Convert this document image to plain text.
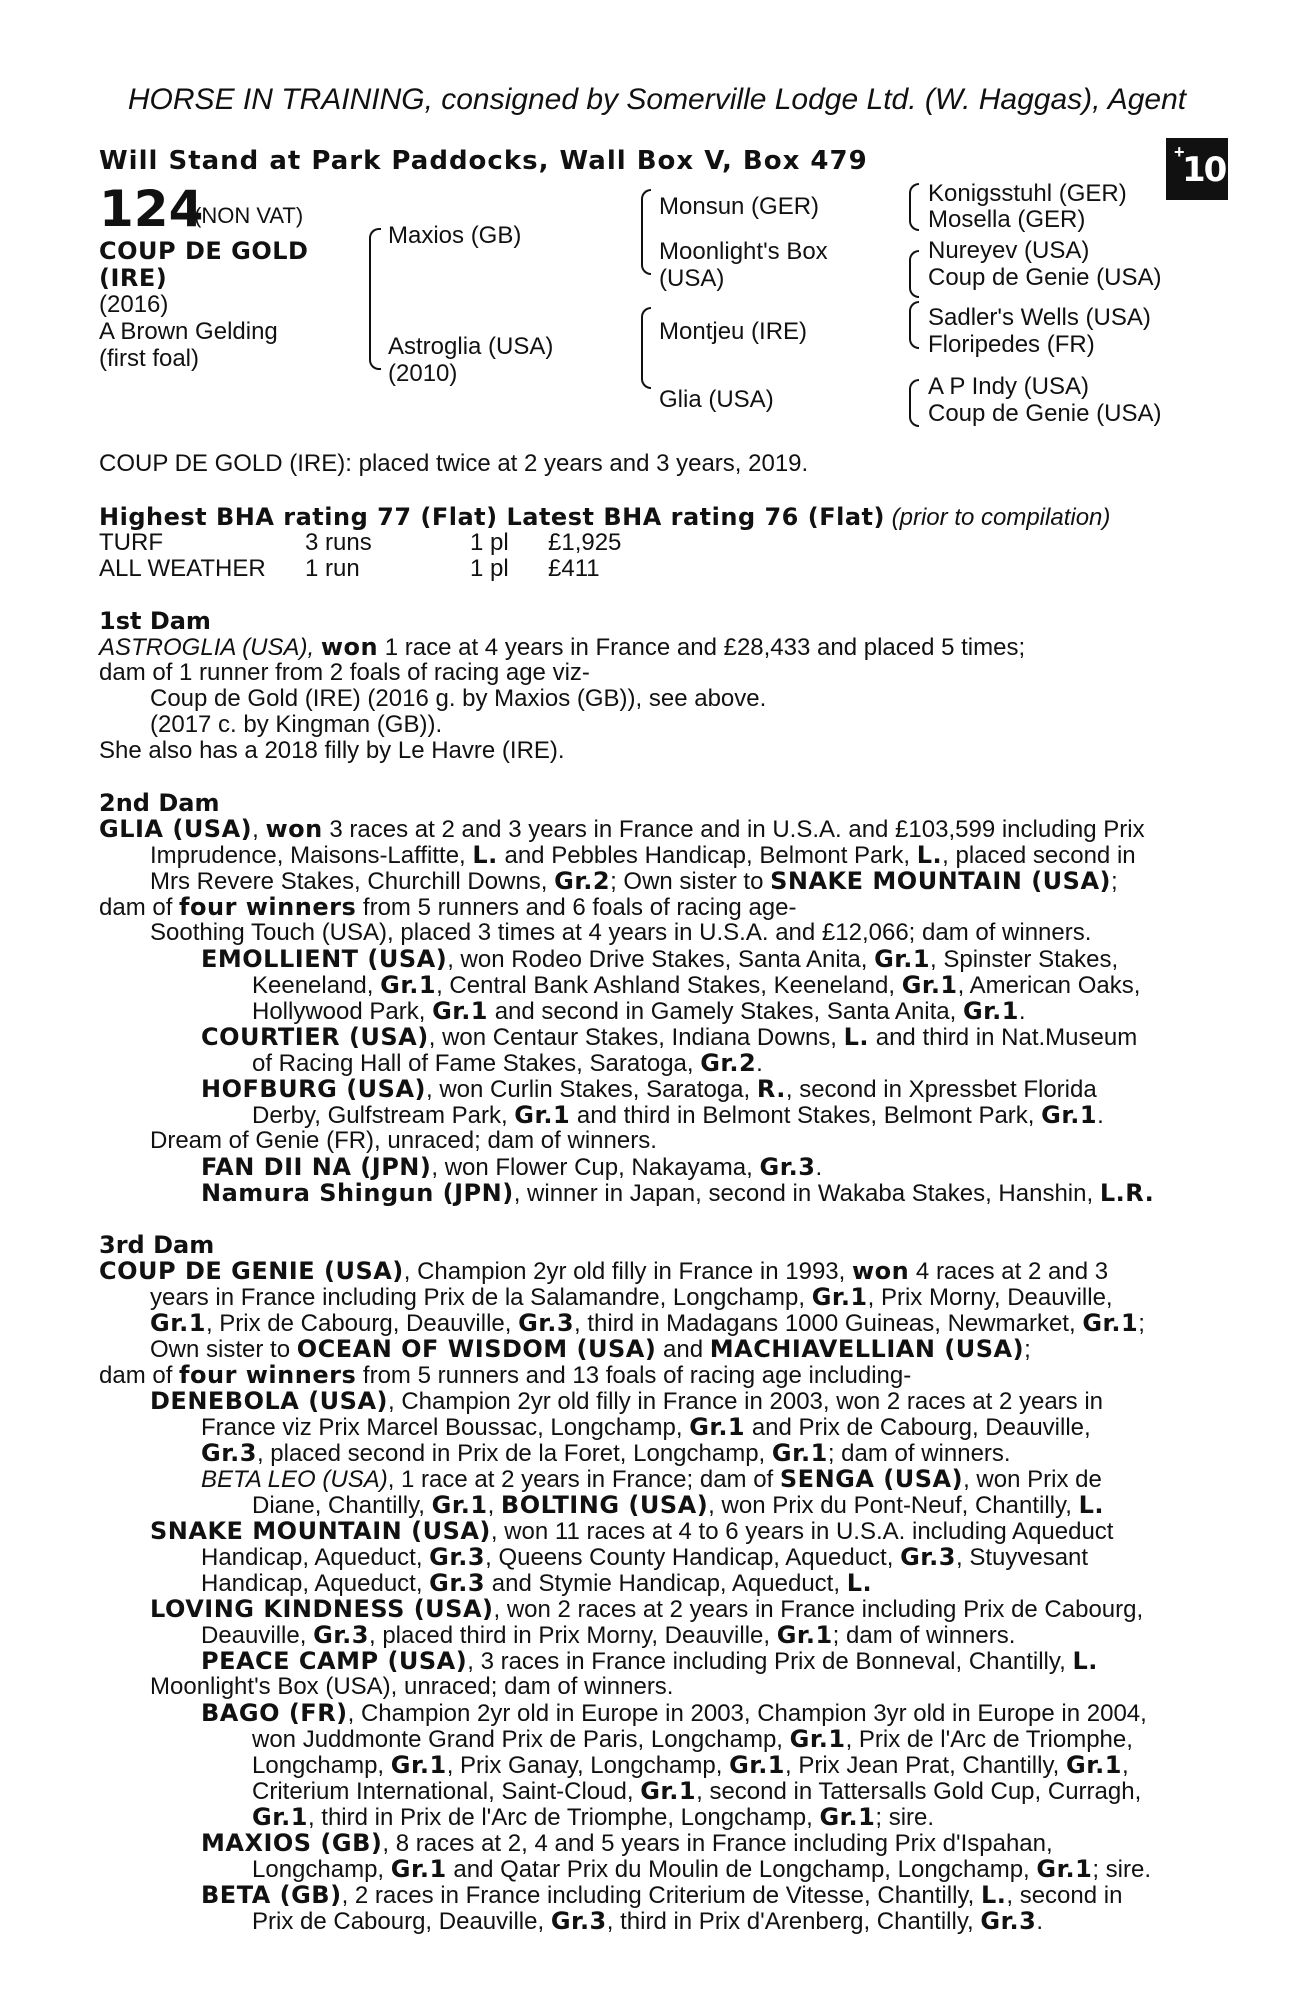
HORSE IN TRAINING, consigned by Somerville Lodge Ltd. (W. Haggas), Agent
Will Stand at Park Paddocks, Wall Box V, Box 479	+
10
124
(NON VAT)
COUP DE GOLD
(IRE)
(2016)
A Brown Gelding
(first foal)
Maxios (GB)
Astroglia (USA)
(2010)
Monsun (GER)
Moonlight's Box
(USA)
Montjeu (IRE)
Glia (USA)
Konigsstuhl (GER)
Mosella (GER)
Nureyev (USA)
Coup de Genie (USA)
Sadler's Wells (USA)
Floripedes (FR)
A P Indy (USA)
Coup de Genie (USA)
COUP DE GOLD (IRE): placed twice at 2 years and 3 years, 2019.
Highest BHA rating 77 (Flat) Latest BHA rating 76 (Flat) (prior to compilation)
TURF	3 runs	1 pl £1,925
ALL WEATHER 1 run	1 pl £411
1st Dam
ASTROGLIA (USA), won 1 race at 4 years in France and £28,433 and placed 5 times;
dam of 1 runner from 2 foals of racing age viz-
Coup de Gold (IRE) (2016 g. by Maxios (GB)), see above.
(2017 c. by Kingman (GB)).
She also has a 2018 filly by Le Havre (IRE).
2nd Dam
GLIA (USA), won 3 races at 2 and 3 years in France and in U.S.A. and £103,599 including Prix
Imprudence, Maisons-Laffitte, L. and Pebbles Handicap, Belmont Park, L., placed second in
Mrs Revere Stakes, Churchill Downs, Gr.2; Own sister to SNAKE MOUNTAIN (USA);
dam of four winners from 5 runners and 6 foals of racing age-
Soothing Touch (USA), placed 3 times at 4 years in U.S.A. and £12,066; dam of winners.
EMOLLIENT (USA), won Rodeo Drive Stakes, Santa Anita, Gr.1, Spinster Stakes,
Keeneland, Gr.1, Central Bank Ashland Stakes, Keeneland, Gr.1, American Oaks,
Hollywood Park, Gr.1 and second in Gamely Stakes, Santa Anita, Gr.1.
COURTIER (USA), won Centaur Stakes, Indiana Downs, L. and third in Nat.Museum
of Racing Hall of Fame Stakes, Saratoga, Gr.2.
HOFBURG (USA), won Curlin Stakes, Saratoga, R., second in Xpressbet Florida
Derby, Gulfstream Park, Gr.1 and third in Belmont Stakes, Belmont Park, Gr.1.
Dream of Genie (FR), unraced; dam of winners.
FAN DII NA (JPN), won Flower Cup, Nakayama, Gr.3.
Namura Shingun (JPN), winner in Japan, second in Wakaba Stakes, Hanshin, L.R.
3rd Dam
COUP DE GENIE (USA), Champion 2yr old filly in France in 1993, won 4 races at 2 and 3
years in France including Prix de la Salamandre, Longchamp, Gr.1, Prix Morny, Deauville,
Gr.1, Prix de Cabourg, Deauville, Gr.3, third in Madagans 1000 Guineas, Newmarket, Gr.1;
Own sister to OCEAN OF WISDOM (USA) and MACHIAVELLIAN (USA);
dam of four winners from 5 runners and 13 foals of racing age including-
DENEBOLA (USA), Champion 2yr old filly in France in 2003, won 2 races at 2 years in
France viz Prix Marcel Boussac, Longchamp, Gr.1 and Prix de Cabourg, Deauville,
Gr.3, placed second in Prix de la Foret, Longchamp, Gr.1; dam of winners.
BETA LEO (USA), 1 race at 2 years in France; dam of SENGA (USA), won Prix de
Diane, Chantilly, Gr.1, BOLTING (USA), won Prix du Pont-Neuf, Chantilly, L.
SNAKE MOUNTAIN (USA), won 11 races at 4 to 6 years in U.S.A. including Aqueduct
Handicap, Aqueduct, Gr.3, Queens County Handicap, Aqueduct, Gr.3, Stuyvesant
Handicap, Aqueduct, Gr.3 and Stymie Handicap, Aqueduct, L.
LOVING KINDNESS (USA), won 2 races at 2 years in France including Prix de Cabourg,
Deauville, Gr.3, placed third in Prix Morny, Deauville, Gr.1; dam of winners.
PEACE CAMP (USA), 3 races in France including Prix de Bonneval, Chantilly, L.
Moonlight's Box (USA), unraced; dam of winners.
BAGO (FR), Champion 2yr old in Europe in 2003, Champion 3yr old in Europe in 2004,
won Juddmonte Grand Prix de Paris, Longchamp, Gr.1, Prix de l'Arc de Triomphe,
Longchamp, Gr.1, Prix Ganay, Longchamp, Gr.1, Prix Jean Prat, Chantilly, Gr.1,
Criterium International, Saint-Cloud, Gr.1, second in Tattersalls Gold Cup, Curragh,
Gr.1, third in Prix de l'Arc de Triomphe, Longchamp, Gr.1; sire.
MAXIOS (GB), 8 races at 2, 4 and 5 years in France including Prix d'Ispahan,
Longchamp, Gr.1 and Qatar Prix du Moulin de Longchamp, Longchamp, Gr.1; sire.
BETA (GB), 2 races in France including Criterium de Vitesse, Chantilly, L., second in
Prix de Cabourg, Deauville, Gr.3, third in Prix d'Arenberg, Chantilly, Gr.3.
